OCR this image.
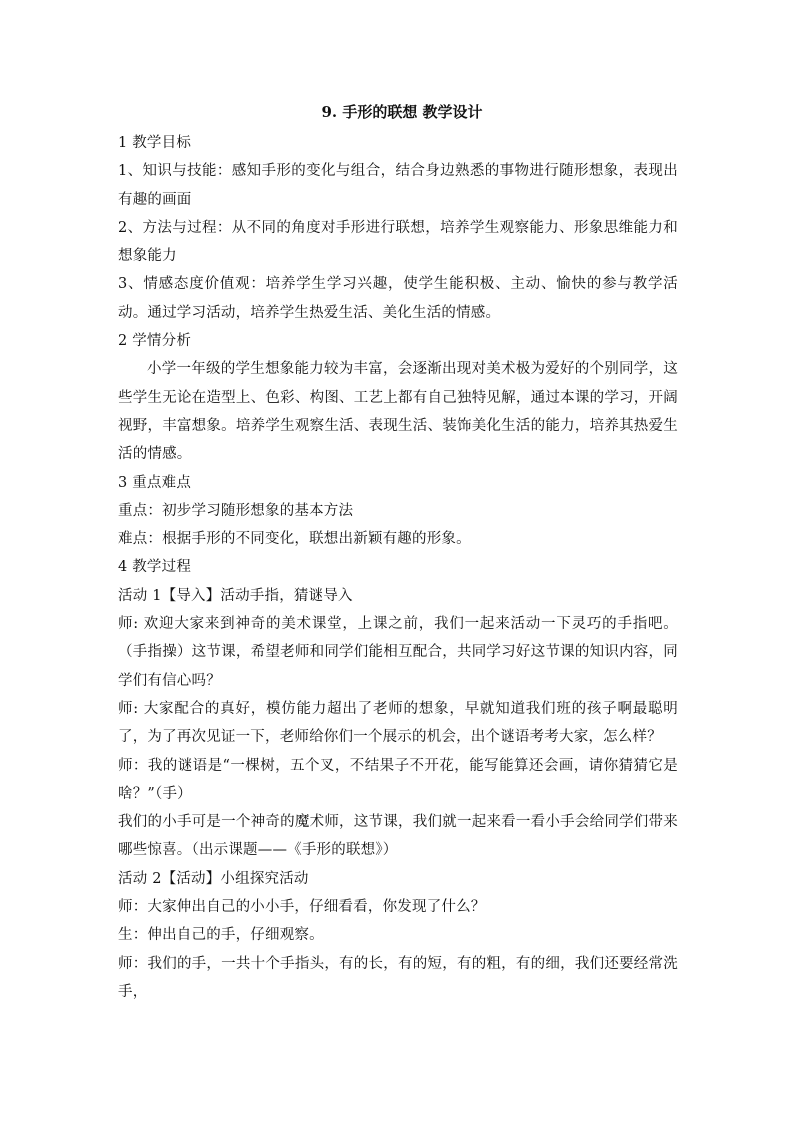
9. 手形的联想 教学设计

1 教学目标

1、知识与技能：感知手形的变化与组合，结合身边熟悉的事物进行随形想象，表现出有趣的画面

2、方法与过程：从不同的角度对手形进行联想，培养学生观察能力、形象思维能力和想象能力

3、情感态度价值观：培养学生学习兴趣，使学生能积极、主动、愉快的参与教学活动。通过学习活动，培养学生热爱生活、美化生活的情感。

2 学情分析

小学一年级的学生想象能力较为丰富，会逐渐出现对美术极为爱好的个别同学，这些学生无论在造型上、色彩、构图、工艺上都有自己独特见解，通过本课的学习，开阔视野，丰富想象。培养学生观察生活、表现生活、装饰美化生活的能力，培养其热爱生活的情感。

3 重点难点

重点：初步学习随形想象的基本方法

难点：根据手形的不同变化，联想出新颖有趣的形象。

4 教学过程

活动 1【导入】活动手指，猜谜导入

师: 欢迎大家来到神奇的美术课堂，上课之前，我们一起来活动一下灵巧的手指吧。（手指操）这节课，希望老师和同学们能相互配合，共同学习好这节课的知识内容，同学们有信心吗？

师: 大家配合的真好，模仿能力超出了老师的想象，早就知道我们班的孩子啊最聪明了，为了再次见证一下，老师给你们一个展示的机会，出个谜语考考大家，怎么样？

师：我的谜语是“一棵树，五个叉，不结果子不开花，能写能算还会画，请你猜猜它是啥？”（手）

我们的小手可是一个神奇的魔术师，这节课，我们就一起来看一看小手会给同学们带来哪些惊喜。（出示课题——《手形的联想》）

活动 2【活动】小组探究活动

师：大家伸出自己的小小手，仔细看看，你发现了什么？

生：伸出自己的手，仔细观察。

师：我们的手，一共十个手指头，有的长，有的短，有的粗，有的细，我们还要经常洗手，
